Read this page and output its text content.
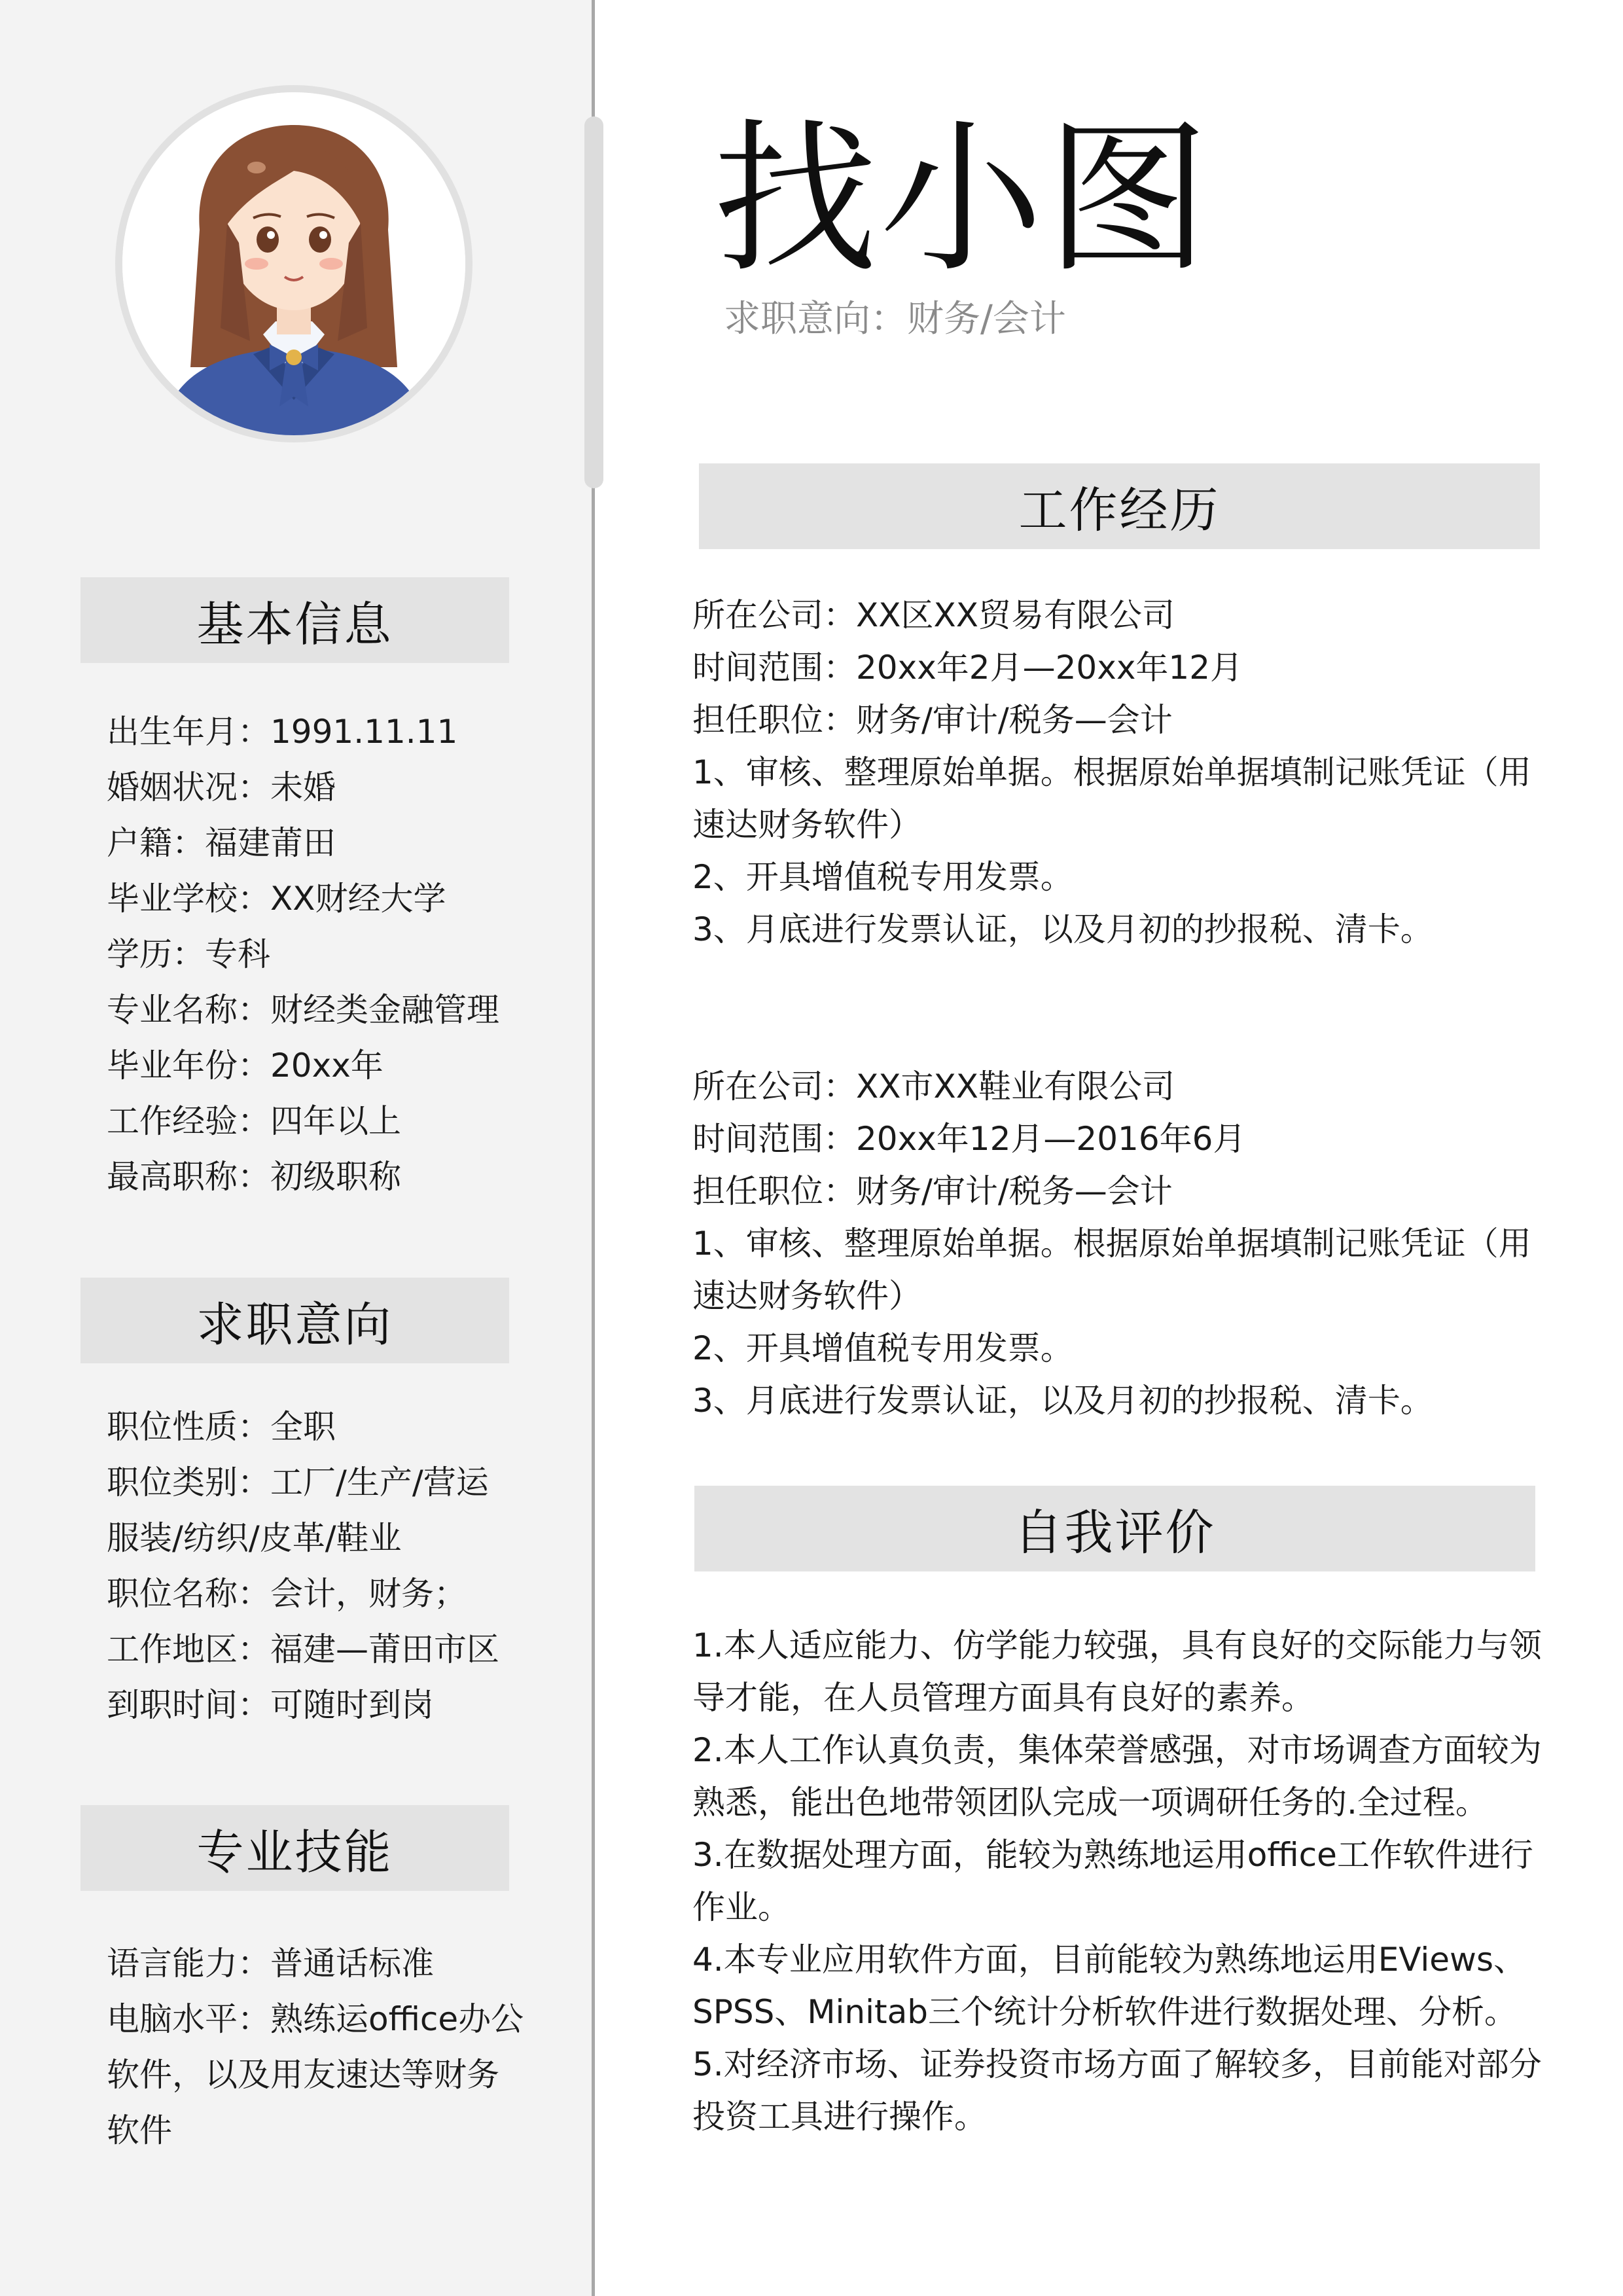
基本信息
出生年月：1991.11.11
婚姻状况：未婚
户籍：福建莆田
毕业学校：XX财经大学
学历：专科
专业名称：财经类金融管理
毕业年份：20xx年
工作经验：四年以上
最高职称：初级职称
求职意向
职位性质：全职
职位类别：工厂/生产/营运
服装/纺织/皮革/鞋业
职位名称：会计，财务；
工作地区：福建—莆田市区
到职时间：可随时到岗
专业技能
语言能力：普通话标准
电脑水平：熟练运office办公
软件，以及用友速达等财务
软件
找小图
求职意向：财务/会计
工作经历
所在公司：XX区XX贸易有限公司
时间范围：20xx年2月—20xx年12月
担任职位：财务/审计/税务—会计
1、审核、整理原始单据。根据原始单据填制记账凭证（用
速达财务软件）
2、开具增值税专用发票。
3、月底进行发票认证，以及月初的抄报税、清卡。
所在公司：XX市XX鞋业有限公司
时间范围：20xx年12月—2016年6月
担任职位：财务/审计/税务—会计
1、审核、整理原始单据。根据原始单据填制记账凭证（用
速达财务软件）
2、开具增值税专用发票。
3、月底进行发票认证，以及月初的抄报税、清卡。
自我评价
1.本人适应能力、仿学能力较强，具有良好的交际能力与领
导才能，在人员管理方面具有良好的素养。
2.本人工作认真负责，集体荣誉感强，对市场调查方面较为
熟悉，能出色地带领团队完成一项调研任务的.全过程。
3.在数据处理方面，能较为熟练地运用office工作软件进行
作业。
4.本专业应用软件方面，目前能较为熟练地运用EViews、
SPSS、Minitab三个统计分析软件进行数据处理、分析。
5.对经济市场、证券投资市场方面了解较多，目前能对部分
投资工具进行操作。
